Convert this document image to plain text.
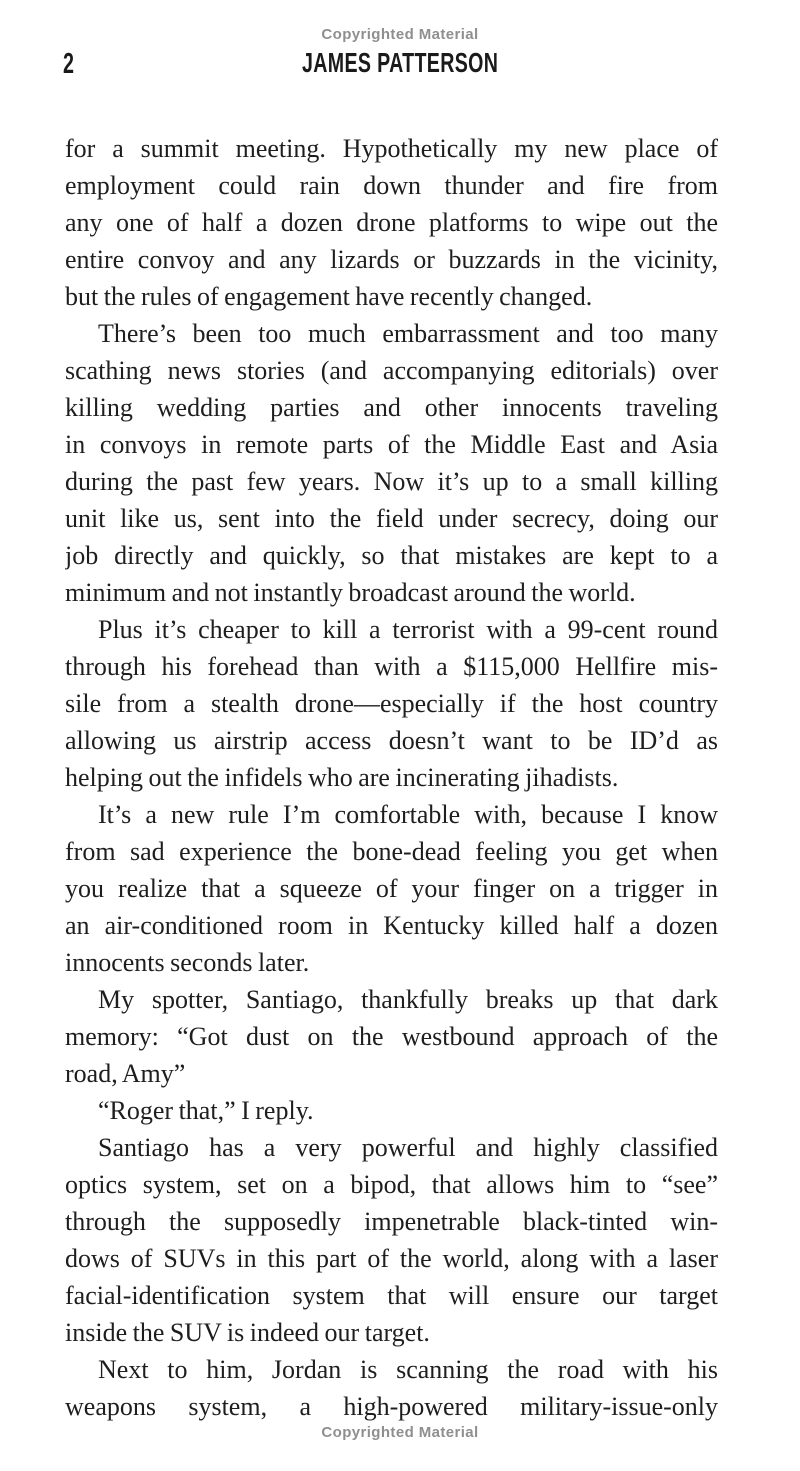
Copyrighted Material
2	JAMES PATTERSON
for a summit meeting. Hypothetically my new place of
employment could rain down thunder and fire from
any one of half a dozen drone platforms to wipe out the
entire convoy and any lizards or buzzards in the vicinity,
but the rules of engagement have recently changed.
There’s been too much embarrassment and too many
scathing news stories (and accompanying editorials) over
killing wedding parties and other innocents traveling
in convoys in remote parts of the Middle East and Asia
during the past few years. Now it’s up to a small killing
unit like us, sent into the field under secrecy, doing our
job directly and quickly, so that mistakes are kept to a
minimum and not instantly broadcast around the world.
Plus it’s cheaper to kill a terrorist with a 99-cent round
through his forehead than with a $115,000 Hellfire mis-
sile from a stealth drone—especially if the host country
allowing us airstrip access doesn’t want to be ID’d as
helping out the infidels who are incinerating jihadists.
It’s a new rule I’m comfortable with, because I know
from sad experience the bone-dead feeling you get when
you realize that a squeeze of your finger on a trigger in
an air-conditioned room in Kentucky killed half a dozen
innocents seconds later.
My spotter, Santiago, thankfully breaks up that dark
memory: “Got dust on the westbound approach of the
road, Amy”
“Roger that,” I reply.
Santiago has a very powerful and highly classified
optics system, set on a bipod, that allows him to “see”
through the supposedly impenetrable black-tinted win-
dows of SUVs in this part of the world, along with a laser
facial-identification system that will ensure our target
inside the SUV is indeed our target.
Next to him, Jordan is scanning the road with his
weapons system, a high-powered military-issue-only
Copyrighted Material
